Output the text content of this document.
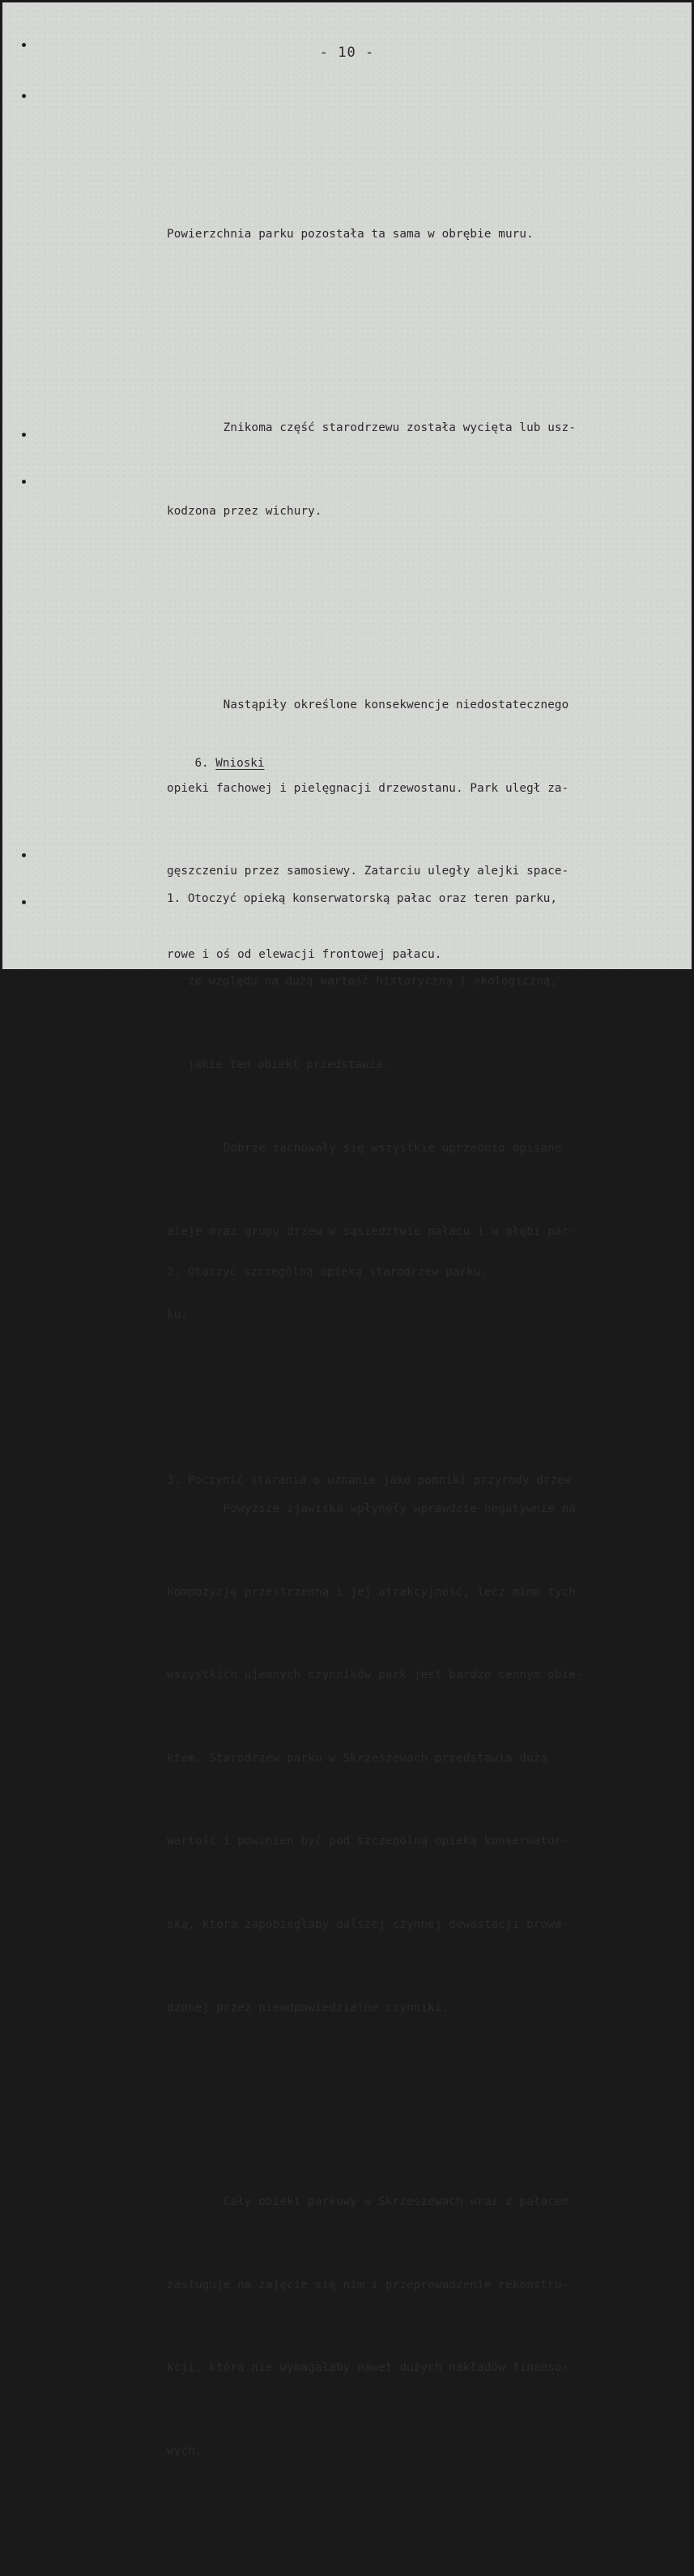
- 10 -

Powierzchnia parku pozostała ta sama w obrębie muru.

Znikoma część starodrzewu została wycięta lub usz-

kodzona przez wichury.

Nastąpiły określone konsekwencje niedostatecznego

opieki fachowej i pielęgnacji drzewostanu. Park uległ za-

gęszczeniu przez samosiewy. Zatarciu uległy alejki space-

rowe i oś od elewacji frontowej pałacu.

Dobrze zachowały się wszystkie uprzednio opisane

aleje oraz grupy drzew w sąsiedztwie pałacu i w głębi par-

ku.

Powyższe zjawiska wpłynęły wprawdzie negatywnie na

kompozycję przestrzenną i jej atrakcyjność, lecz mimo tych

wszystkich ujemnych czynników park jest bardzo cennym obie-

ktem. Starodrzew parku w Skrzeszewach przedstawia dużą

wartość i powinien być pod szczególną opieką konserwator-

ską, która zapobiegłaby dalszej czynnej dewastacji prowa-

dzonej przez nieodpowiedzialne czynniki.

Cały obiekt parkowy w Skrzeszewach wraz z pałacem

zasługuje na zajęcie się nim i przeprowadzenie rekonstru-

kcji, która nie wymagałaby nawet dużych nakładów finanso-

wych.

6. Wnioski

1. Otoczyć opieką konserwatorską pałac oraz teren parku,

ze względu na dużą wartość historyczną i ekologiczną,

jakie ten obiekt przedstawia.

2. Otoczyć szczególną opieką starodrzew parku.

3. Poczynić starania o uznanie jako pomniki przyrody drzew
